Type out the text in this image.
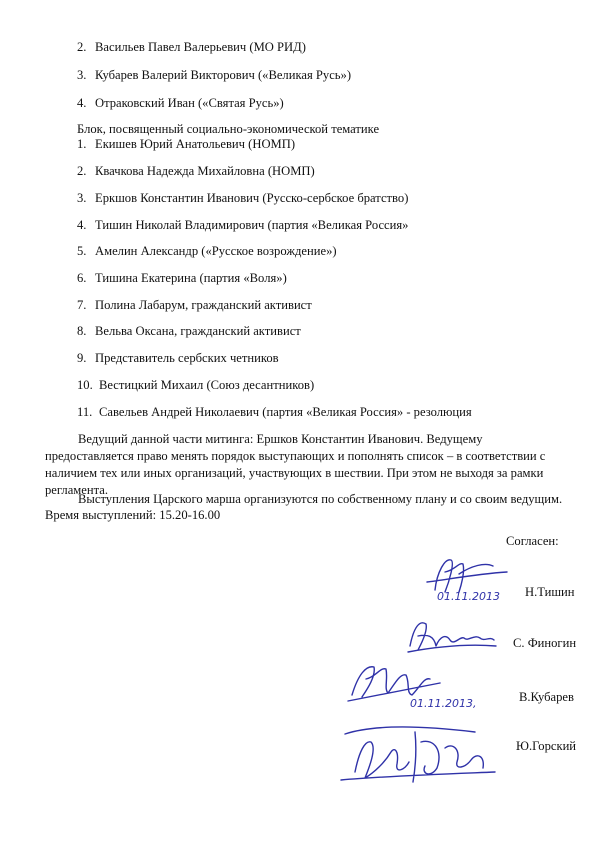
2. Васильев Павел Валерьевич (МО РИД)
3. Кубарев Валерий Викторович («Великая Русь»)
4. Отраковский Иван («Святая Русь»)
Блок, посвященный социально-экономической тематике
1. Екишев Юрий Анатольевич (НОМП)
2. Квачкова Надежда Михайловна (НОМП)
3. Еркшов Константин Иванович (Русско-сербское братство)
4. Тишин Николай Владимирович (партия «Великая Россия»
5. Амелин Александр («Русское возрождение»)
6. Тишина Екатерина (партия «Воля»)
7. Полина Лабарум, гражданский активист
8. Вельва Оксана, гражданский активист
9. Представитель сербских четников
10. Вестицкий Михаил (Союз десантников)
11. Савельев Андрей Николаевич (партия «Великая Россия» - резолюция
Ведущий данной части митинга: Ершков Константин Иванович. Ведущему предоставляется право менять порядок выступающих и пополнять список – в соответствии с наличием тех или иных организаций, участвующих в шествии. При этом не выходя за рамки регламента.
Выступления Царского марша организуются по собственному плану и со своим ведущим.
Время выступлений: 15.20-16.00
Согласен:
01.11.2013 Н.Тишин
С. Финогин
01.11.2013,	В.Кубарев
Ю.Горский
